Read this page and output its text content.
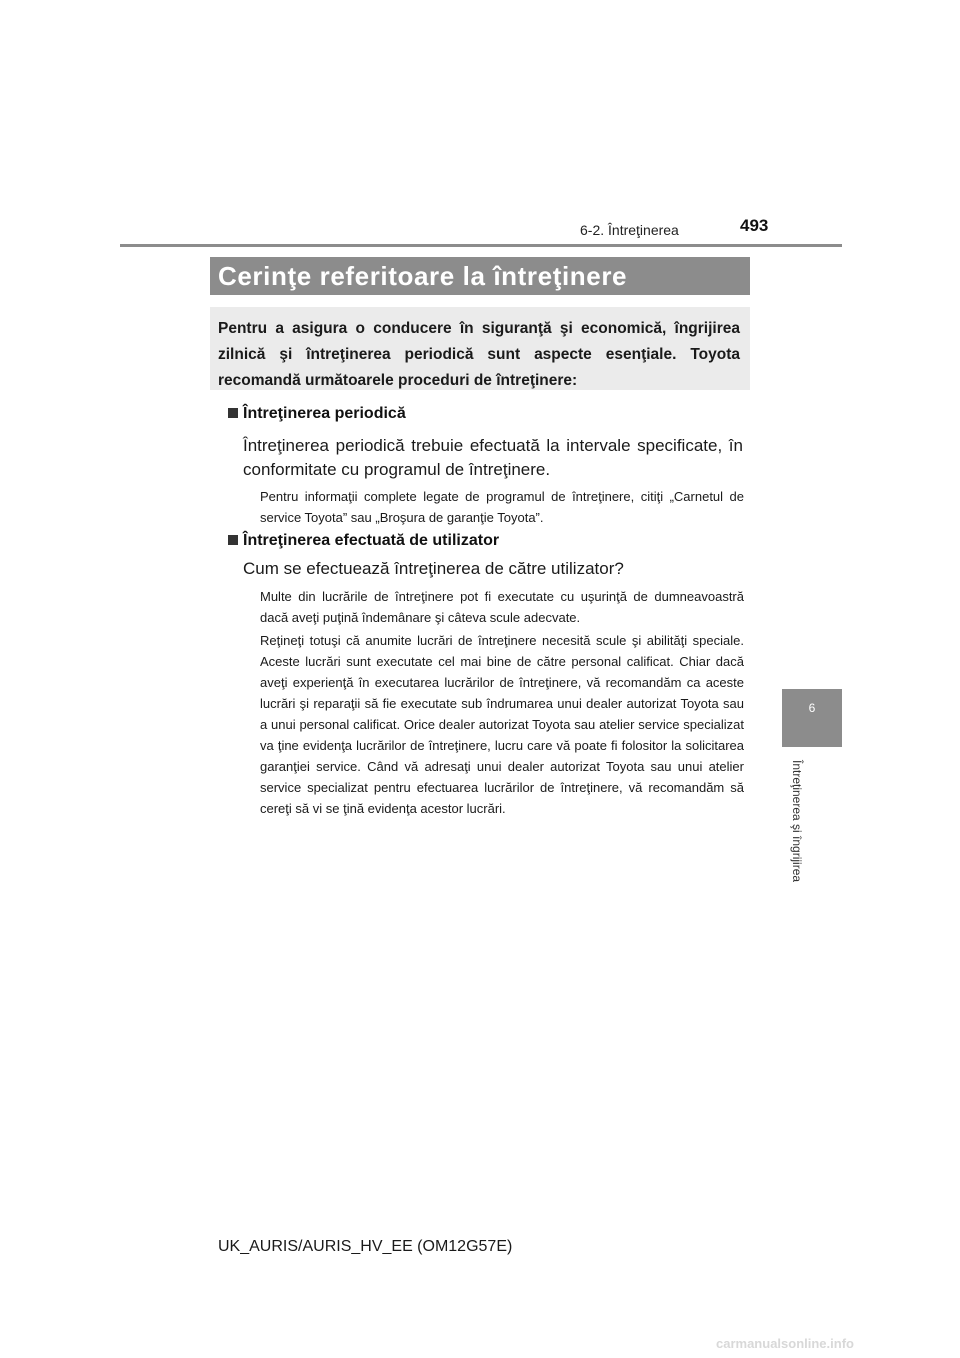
6-2. Întreţinerea	493
6
Întreţinerea şi îngrijirea
Cerinţe referitoare la întreţinere
Pentru a asigura o conducere în siguranţă şi economică, îngrijirea zilnică şi întreţinerea periodică sunt aspecte esenţiale. Toyota recomandă următoarele proceduri de întreţinere:
Întreţinerea periodică
Întreţinerea periodică trebuie efectuată la intervale specificate, în conformitate cu programul de întreţinere.
Pentru informaţii complete legate de programul de întreţinere, citiţi „Carnetul de service Toyota” sau „Broşura de garanţie Toyota”.
Întreţinerea efectuată de utilizator
Cum se efectuează întreţinerea de către utilizator?
Multe din lucrările de întreţinere pot fi executate cu uşurinţă de dumneavoastră dacă aveţi puţină îndemânare şi câteva scule adecvate.
Reţineţi totuşi că anumite lucrări de întreţinere necesită scule şi abilităţi speciale. Aceste lucrări sunt executate cel mai bine de către personal calificat. Chiar dacă aveţi experienţă în executarea lucrărilor de întreţinere, vă recomandăm ca aceste lucrări şi reparaţii să fie executate sub îndrumarea unui dealer autorizat Toyota sau a unui personal calificat. Orice dealer autorizat Toyota sau atelier service specializat va ţine evidenţa lucrărilor de întreţinere, lucru care vă poate fi folositor la solicitarea garanţiei service. Când vă adresaţi unui dealer autorizat Toyota sau unui atelier service specializat pentru efectuarea lucrărilor de întreţinere, vă recomandăm să cereţi să vi se ţină evidenţa acestor lucrări.
UK_AURIS/AURIS_HV_EE (OM12G57E)
carmanualsonline.info
